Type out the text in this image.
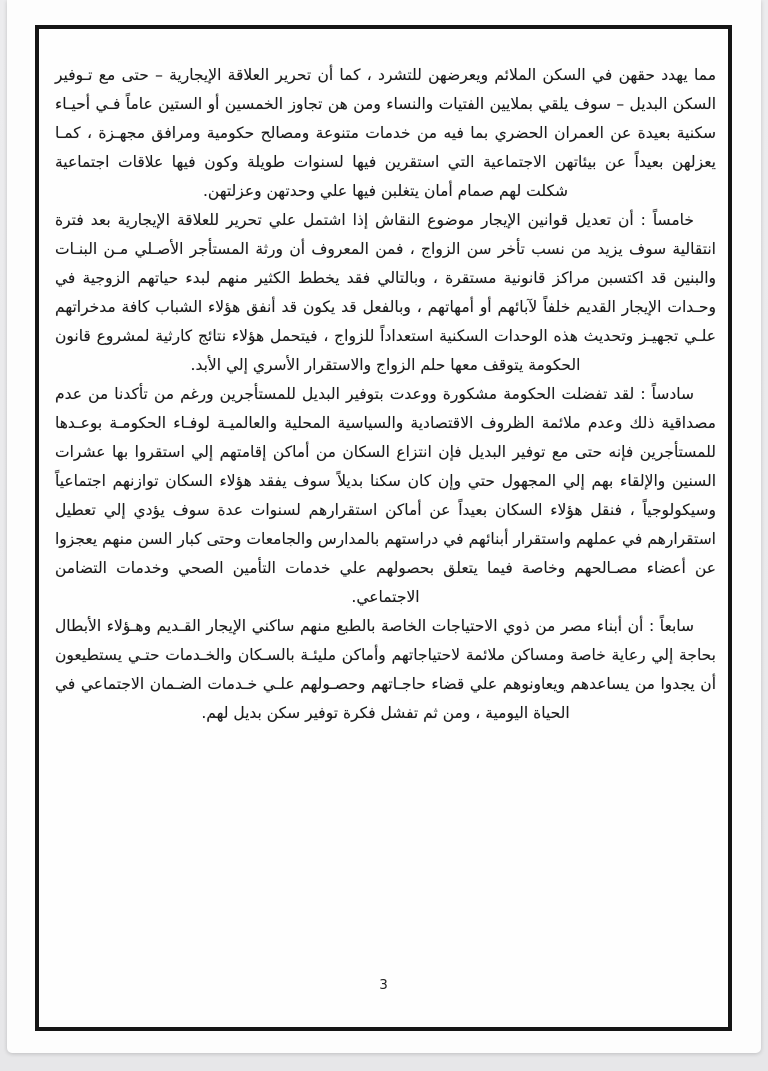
مما يهدد حقهن في السكن الملائم ويعرضهن للتشرد ، كما أن تحرير العلاقة الإيجارية – حتى مع تـوفير السكن البديل – سوف يلقي بملايين الفتيات والنساء ومن هن تجاوز الخمسين أو الستين عاماً فـي أحيـاء سكنية بعيدة عن العمران الحضري بما فيه من خدمات متنوعة ومصالح حكومية ومرافق مجهـزة ، كمـا يعزلهن بعيداً عن بيئاتهن الاجتماعية التي استقرين فيها لسنوات طويلة وكون فيها علاقات اجتماعية شكلت لهم صمام أمان يتغلبن فيها علي وحدتهن وعزلتهن.

خامساً : أن تعديل قوانين الإيجار موضوع النقاش إذا اشتمل علي تحرير للعلاقة الإيجارية بعد فترة انتقالية سوف يزيد من نسب تأخر سن الزواج ، فمن المعروف أن ورثة المستأجر الأصـلي مـن البنـات والبنين قد اكتسبن مراكز قانونية مستقرة ، وبالتالي فقد يخطط الكثير منهم لبدء حياتهم الزوجية في وحـدات الإيجار القديم خلفاً لآبائهم أو أمهاتهم ، وبالفعل قد يكون قد أنفق هؤلاء الشباب كافة مدخراتهم علـي تجهيـز وتحديث هذه الوحدات السكنية استعداداً للزواج ، فيتحمل هؤلاء نتائج كارثية لمشروع قانون الحكومة يتوقف معها حلم الزواج والاستقرار الأسري إلي الأبد.

سادساً : لقد تفضلت الحكومة مشكورة ووعدت بتوفير البديل للمستأجرين ورغم من تأكدنا من عدم مصداقية ذلك وعدم ملائمة الظروف الاقتصادية والسياسية المحلية والعالميـة لوفـاء الحكومـة بوعـدها للمستأجرين فإنه حتى مع توفير البديل فإن انتزاع السكان من أماكن إقامتهم إلي استقروا بها عشرات السنين والإلقاء بهم إلي المجهول حتي وإن كان سكنا بديلاً سوف يفقد هؤلاء السكان توازنهم اجتماعياً وسيكولوجياً ، فنقل هؤلاء السكان بعيداً عن أماكن استقرارهم لسنوات عدة سوف يؤدي إلي تعطيل استقرارهم في عملهم واستقرار أبنائهم في دراستهم بالمدارس والجامعات وحتى كبار السن منهم يعجزوا عن أعضاء مصـالحهم وخاصة فيما يتعلق بحصولهم علي خدمات التأمين الصحي وخدمات التضامن الاجتماعي.

سابعاً : أن أبناء مصر من ذوي الاحتياجات الخاصة بالطبع منهم ساكني الإيجار القـديم وهـؤلاء الأبطال بحاجة إلي رعاية خاصة ومساكن ملائمة لاحتياجاتهم وأماكن مليئـة بالسـكان والخـدمات حتـي يستطيعون أن يجدوا من يساعدهم ويعاونوهم علي قضاء حاجـاتهم وحصـولهم علـي خـدمات الضـمان الاجتماعي في الحياة اليومية ، ومن ثم تفشل فكرة توفير سكن بديل لهم.

3
